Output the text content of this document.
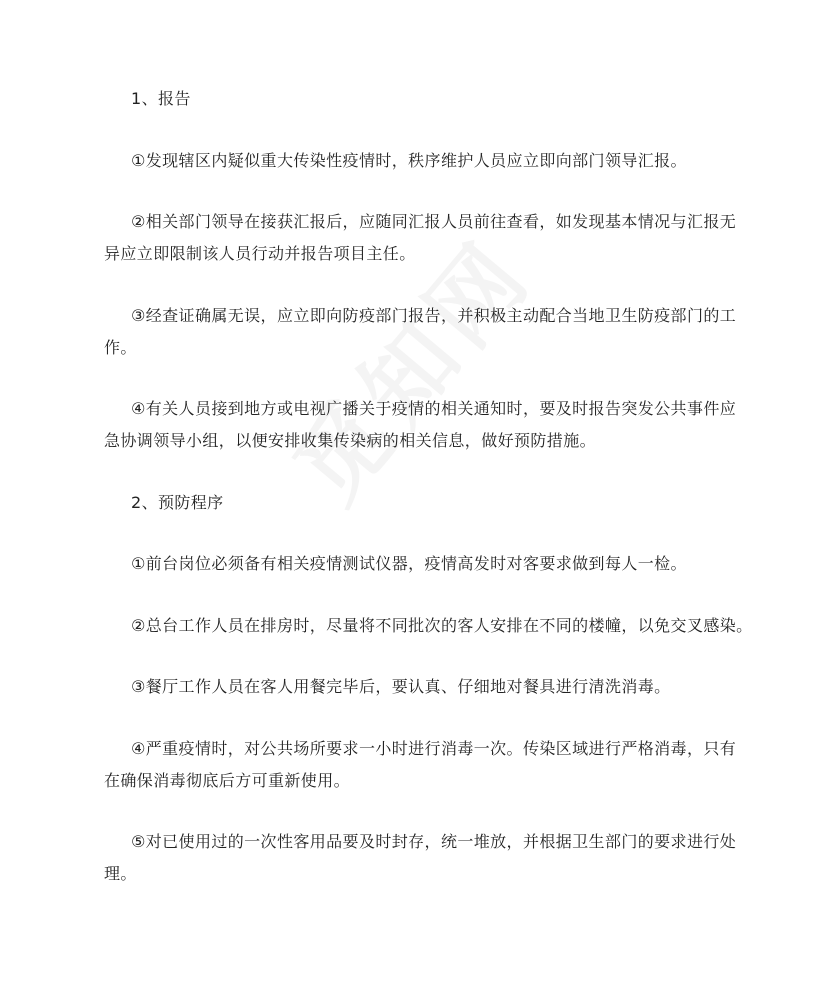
1、报告
①发现辖区内疑似重大传染性疫情时，秩序维护人员应立即向部门领导汇报。
②相关部门领导在接获汇报后，应随同汇报人员前往查看，如发现基本情况与汇报无
异应立即限制该人员行动并报告项目主任。
③经查证确属无误，应立即向防疫部门报告，并积极主动配合当地卫生防疫部门的工
作。
④有关人员接到地方或电视广播关于疫情的相关通知时，要及时报告突发公共事件应
急协调领导小组，以便安排收集传染病的相关信息，做好预防措施。
2、预防程序
①前台岗位必须备有相关疫情测试仪器，疫情高发时对客要求做到每人一检。
②总台工作人员在排房时，尽量将不同批次的客人安排在不同的楼幢，以免交叉感染。
③餐厅工作人员在客人用餐完毕后，要认真、仔细地对餐具进行清洗消毒。
④严重疫情时，对公共场所要求一小时进行消毒一次。传染区域进行严格消毒，只有
在确保消毒彻底后方可重新使用。
⑤对已使用过的一次性客用品要及时封存，统一堆放，并根据卫生部门的要求进行处
理。
